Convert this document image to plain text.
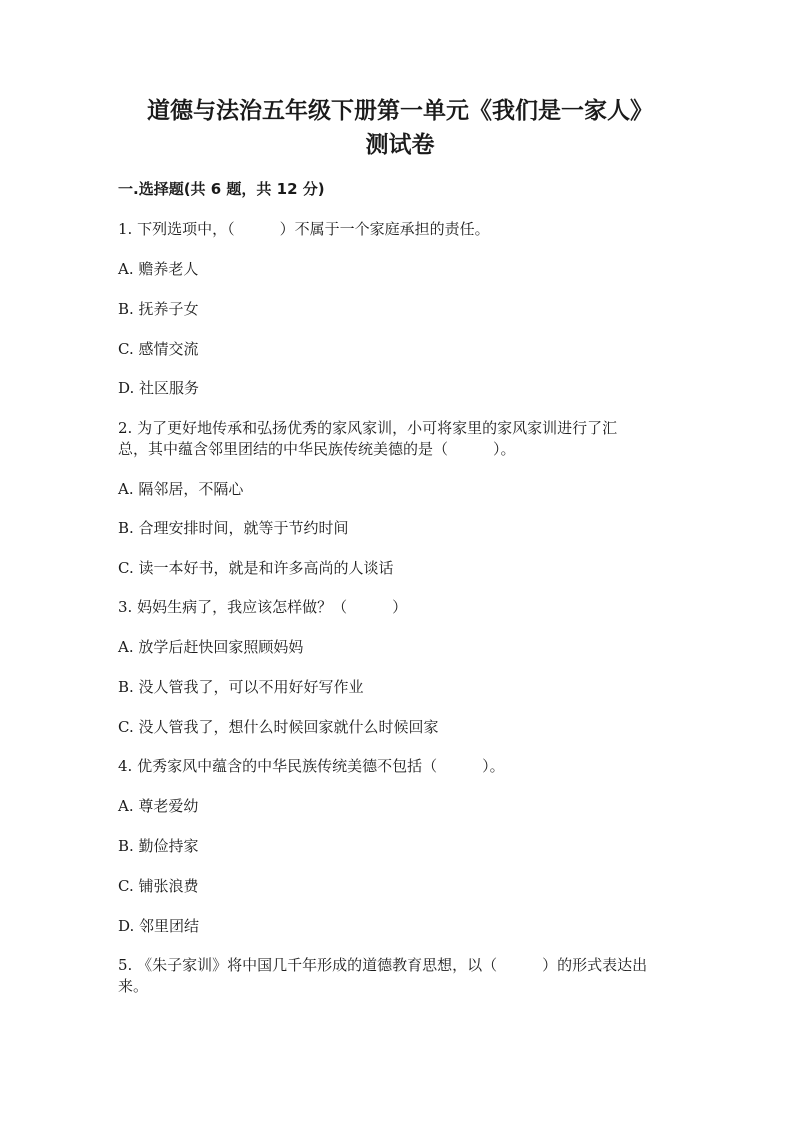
道德与法治五年级下册第一单元《我们是一家人》
测试卷
一.选择题(共 6 题，共 12 分)

1. 下列选项中，（　　　）不属于一个家庭承担的责任。

A. 赡养老人

B. 抚养子女

C. 感情交流

D. 社区服务

2. 为了更好地传承和弘扬优秀的家风家训，小可将家里的家风家训进行了汇

总，其中蕴含邻里团结的中华民族传统美德的是（　　　）。

A. 隔邻居，不隔心

B. 合理安排时间，就等于节约时间

C. 读一本好书，就是和许多高尚的人谈话

3. 妈妈生病了，我应该怎样做？（　　　）

A. 放学后赶快回家照顾妈妈

B. 没人管我了，可以不用好好写作业

C. 没人管我了，想什么时候回家就什么时候回家

4. 优秀家风中蕴含的中华民族传统美德不包括（　　　）。

A. 尊老爱幼

B. 勤俭持家

C. 铺张浪费

D. 邻里团结

5. 《朱子家训》将中国几千年形成的道德教育思想，以（　　　）的形式表达出

来。
